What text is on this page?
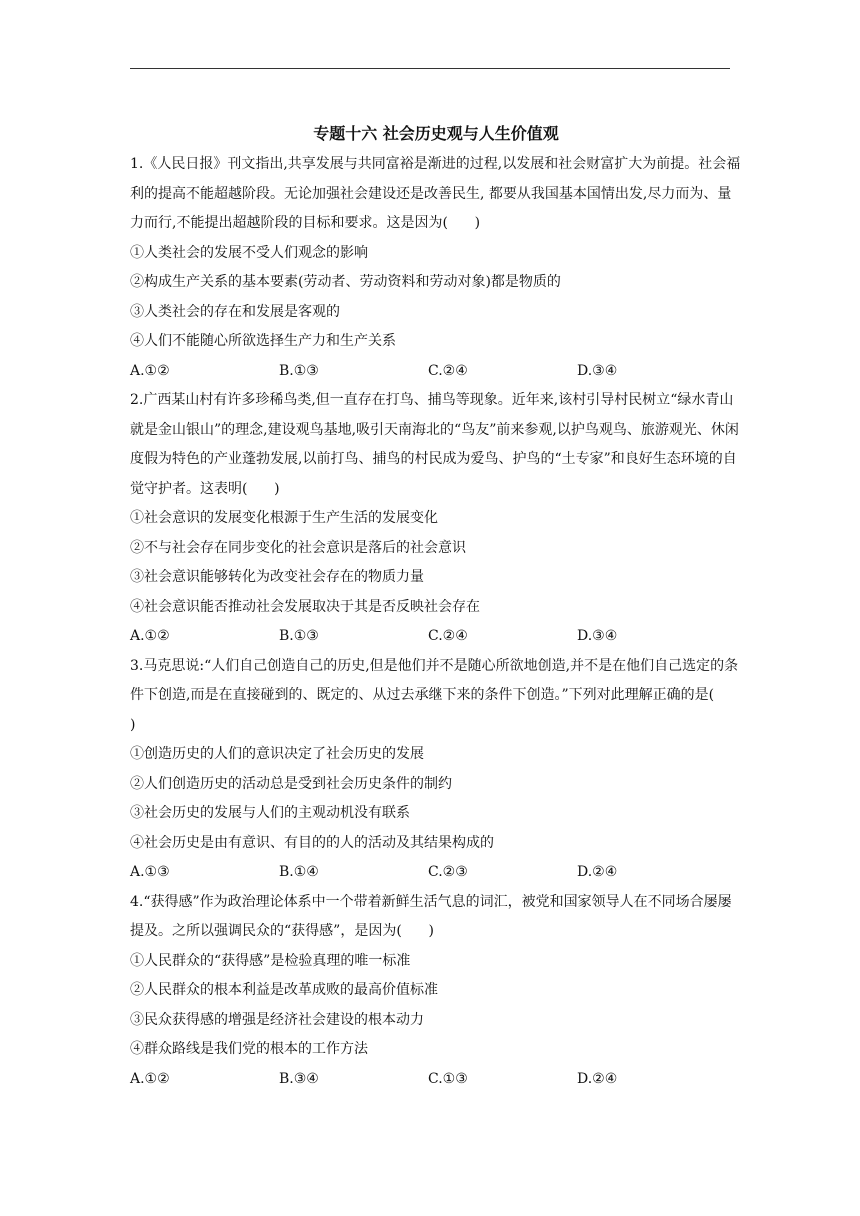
专题十六 社会历史观与人生价值观

1.《人民日报》刊文指出,共享发展与共同富裕是渐进的过程,以发展和社会财富扩大为前提。社会福利的提高不能超越阶段。无论加强社会建设还是改善民生, 都要从我国基本国情出发,尽力而为、量力而行,不能提出超越阶段的目标和要求。这是因为(      )

①人类社会的发展不受人们观念的影响

②构成生产关系的基本要素(劳动者、劳动资料和劳动对象)都是物质的

③人类社会的存在和发展是客观的

④人们不能随心所欲选择生产力和生产关系

A.①②	B.①③	C.②④	D.③④

2.广西某山村有许多珍稀鸟类,但一直存在打鸟、捕鸟等现象。近年来,该村引导村民树立“绿水青山就是金山银山”的理念,建设观鸟基地,吸引天南海北的“鸟友”前来参观,以护鸟观鸟、旅游观光、休闲度假为特色的产业蓬勃发展,以前打鸟、捕鸟的村民成为爱鸟、护鸟的“土专家”和良好生态环境的自觉守护者。这表明(      )

①社会意识的发展变化根源于生产生活的发展变化

②不与社会存在同步变化的社会意识是落后的社会意识

③社会意识能够转化为改变社会存在的物质力量

④社会意识能否推动社会发展取决于其是否反映社会存在

A.①②	B.①③	C.②④	D.③④

3.马克思说:“人们自己创造自己的历史,但是他们并不是随心所欲地创造,并不是在他们自己选定的条件下创造,而是在直接碰到的、既定的、从过去承继下来的条件下创造。”下列对此理解正确的是(      )

①创造历史的人们的意识决定了社会历史的发展

②人们创造历史的活动总是受到社会历史条件的制约

③社会历史的发展与人们的主观动机没有联系

④社会历史是由有意识、有目的的人的活动及其结果构成的

A.①③	B.①④	C.②③	D.②④

4.“获得感”作为政治理论体系中一个带着新鲜生活气息的词汇，被党和国家领导人在不同场合屡屡提及。之所以强调民众的“获得感”，是因为(      )

①人民群众的“获得感”是检验真理的唯一标准

②人民群众的根本利益是改革成败的最高价值标准

③民众获得感的增强是经济社会建设的根本动力

④群众路线是我们党的根本的工作方法

A.①②	B.③④	C.①③	D.②④
